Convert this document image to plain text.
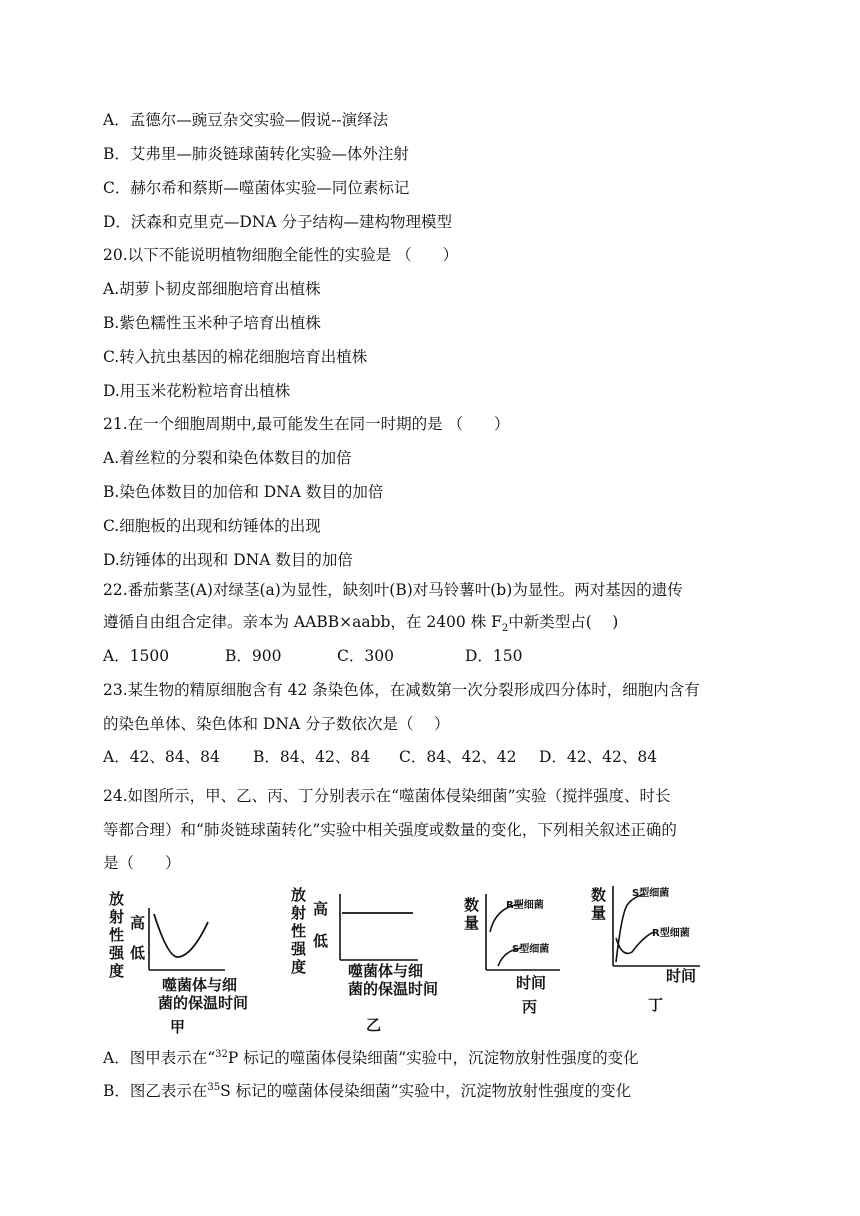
A．孟德尔—豌豆杂交实验—假说--演绎法
B．艾弗里—肺炎链球菌转化实验—体外注射
C．赫尔希和蔡斯—噬菌体实验—同位素标记
D．沃森和克里克—DNA 分子结构—建构物理模型
20.以下不能说明植物细胞全能性的实验是 （　　）
A.胡萝卜韧皮部细胞培育出植株
B.紫色糯性玉米种子培育出植株
C.转入抗虫基因的棉花细胞培育出植株
D.用玉米花粉粒培育出植株
21.在一个细胞周期中,最可能发生在同一时期的是 （　　）
A.着丝粒的分裂和染色体数目的加倍
B.染色体数目的加倍和 DNA 数目的加倍
C.细胞板的出现和纺锤体的出现
D.纺锤体的出现和 DNA 数目的加倍
22.番茄紫茎(A)对绿茎(a)为显性，缺刻叶(B)对马铃薯叶(b)为显性。两对基因的遗传
遵循自由组合定律。亲本为 AABB×aabb，在 2400 株 $F_2$中新类型占(　 )
A．1500	B．900	C．300	D．150
23.某生物的精原细胞含有 42 条染色体，在减数第一次分裂形成四分体时，细胞内含有
的染色单体、染色体和 DNA 分子数依次是（　 ）
A．42、84、84	B．84、42、84	C．84、42、42	D．42、42、84
24.如图所示，甲、乙、丙、丁分别表示在“噬菌体侵染细菌”实验（搅拌强度、时长
等都合理）和“肺炎链球菌转化”实验中相关强度或数量的变化，下列相关叙述正确的
是（　　）
放
射
性
强
度
高
低
噬菌体与细
菌的保温时间
甲
放
射
性
强
度
高
低
噬菌体与细
菌的保温时间
乙
数
量
R型细菌
S型细菌
时间
丙
数
量
S型细菌
R型细菌
时间
丁
A．图甲表示在“$^{32}$P 标记的噬菌体侵染细菌”实验中，沉淀物放射性强度的变化
B．图乙表示在$^{35}$S 标记的噬菌体侵染细菌”实验中，沉淀物放射性强度的变化
